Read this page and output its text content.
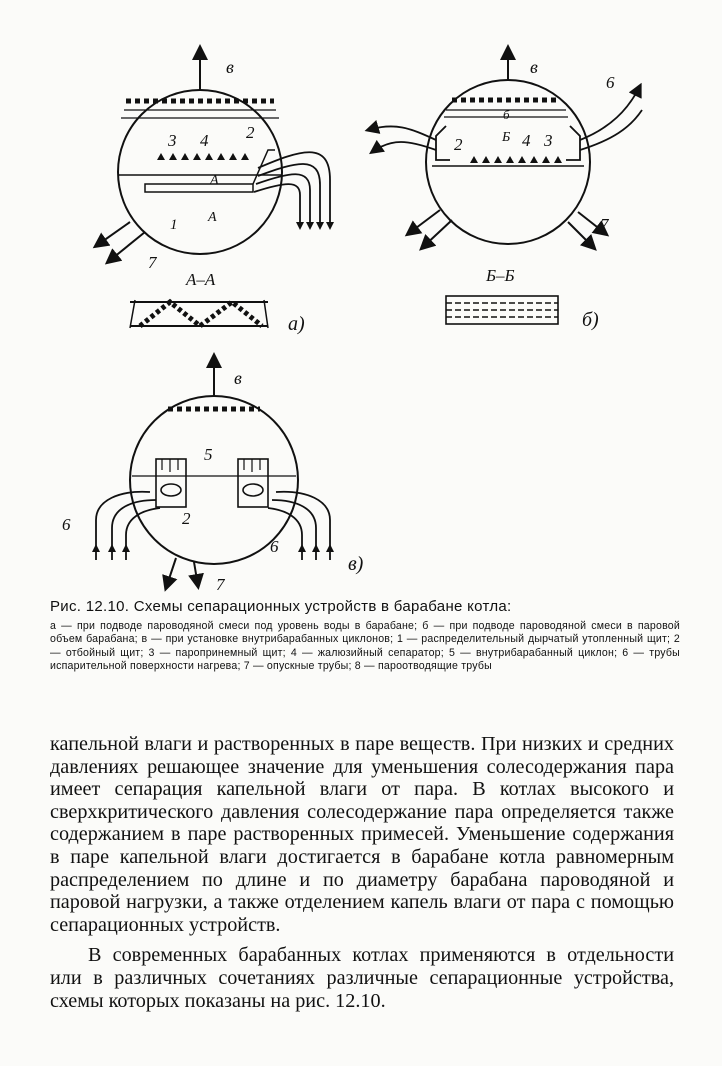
в
3 4 2
А
1 А
7
А–А
а)
в
6
б
2	Б 4 3
7
Б–Б
б)
в
5
6	2
6
7
в)
Рис. 12.10. Схемы сепарационных устройств в барабане котла:
а — при подводе пароводяной смеси под уровень воды в барабане; б — при подводе пароводяной смеси в паровой объем барабана; в — при установке внутрибарабанных циклонов; 1 — распределительный дырчатый утопленный щит; 2 — отбойный щит; 3 — паропринемный щит; 4 — жалюзийный сепаратор; 5 — внутрибарабанный циклон; 6 — трубы испарительной поверхности нагрева; 7 — опускные трубы; 8 — пароотводящие трубы

капельной влаги и растворенных в паре веществ. При низких и средних давлениях решающее значение для уменьшения солесодержания пара имеет сепарация капельной влаги от пара. В котлах высокого и сверхкритического давления солесодержание пара определяется также содержанием в паре растворенных примесей. Уменьшение содержания в паре капельной влаги достигается в барабане котла равномерным распределением по длине и по диаметру барабана пароводяной и паровой нагрузки, а также отделением капель влаги от пара с помощью сепарационных устройств.

В современных барабанных котлах применяются в отдельности или в различных сочетаниях различные сепарационные устройства, схемы которых показаны на рис. 12.10.
